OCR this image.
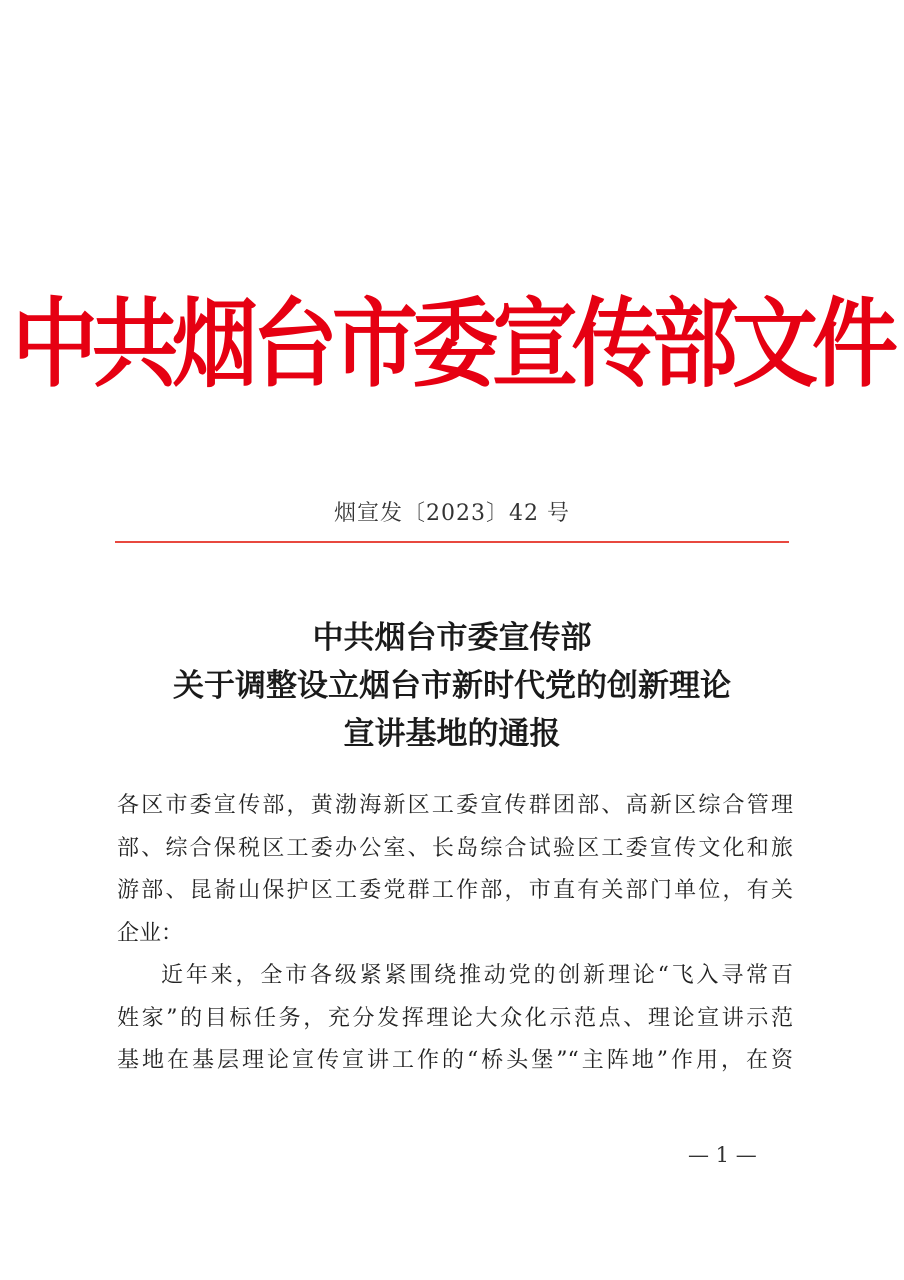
中共烟台市委宣传部文件
烟宣发〔2023〕42 号
中共烟台市委宣传部
关于调整设立烟台市新时代党的创新理论
宣讲基地的通报
各区市委宣传部，黄渤海新区工委宣传群团部、高新区综合管理
部、综合保税区工委办公室、长岛综合试验区工委宣传文化和旅
游部、昆嵛山保护区工委党群工作部，市直有关部门单位，有关
企业：
近年来，全市各级紧紧围绕推动党的创新理论“飞入寻常百
姓家”的目标任务，充分发挥理论大众化示范点、理论宣讲示范
基地在基层理论宣传宣讲工作的“桥头堡”“主阵地”作用，在资
— 1 —
